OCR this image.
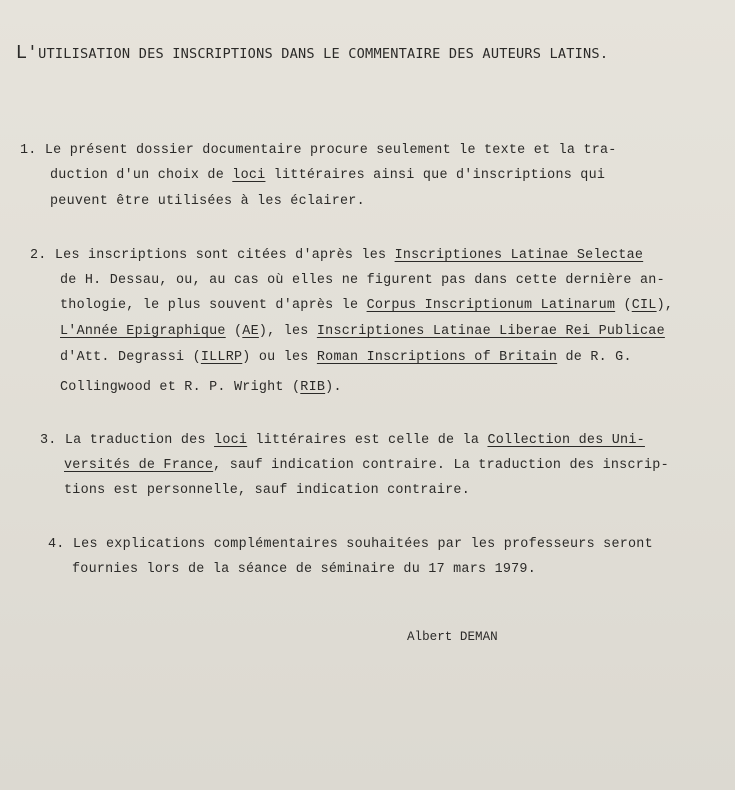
L'UTILISATION DES INSCRIPTIONS DANS LE COMMENTAIRE DES AUTEURS LATINS.
1. Le présent dossier documentaire procure seulement le texte et la tra-
duction d'un choix de loci littéraires ainsi que d'inscriptions qui
peuvent être utilisées à les éclairer.
2. Les inscriptions sont citées d'après les Inscriptiones Latinae Selectae
de H. Dessau, ou, au cas où elles ne figurent pas dans cette dernière an-
thologie, le plus souvent d'après le Corpus Inscriptionum Latinarum (CIL),
L'Année Epigraphique (AE), les Inscriptiones Latinae Liberae Rei Publicae
d'Att. Degrassi (ILLRP) ou les Roman Inscriptions of Britain de R. G.
Collingwood et R. P. Wright (RIB).
3. La traduction des loci littéraires est celle de la Collection des Uni-
versités de France, sauf indication contraire. La traduction des inscrip-
tions est personnelle, sauf indication contraire.
4. Les explications complémentaires souhaitées par les professeurs seront
fournies lors de la séance de séminaire du 17 mars 1979.
Albert DEMAN
